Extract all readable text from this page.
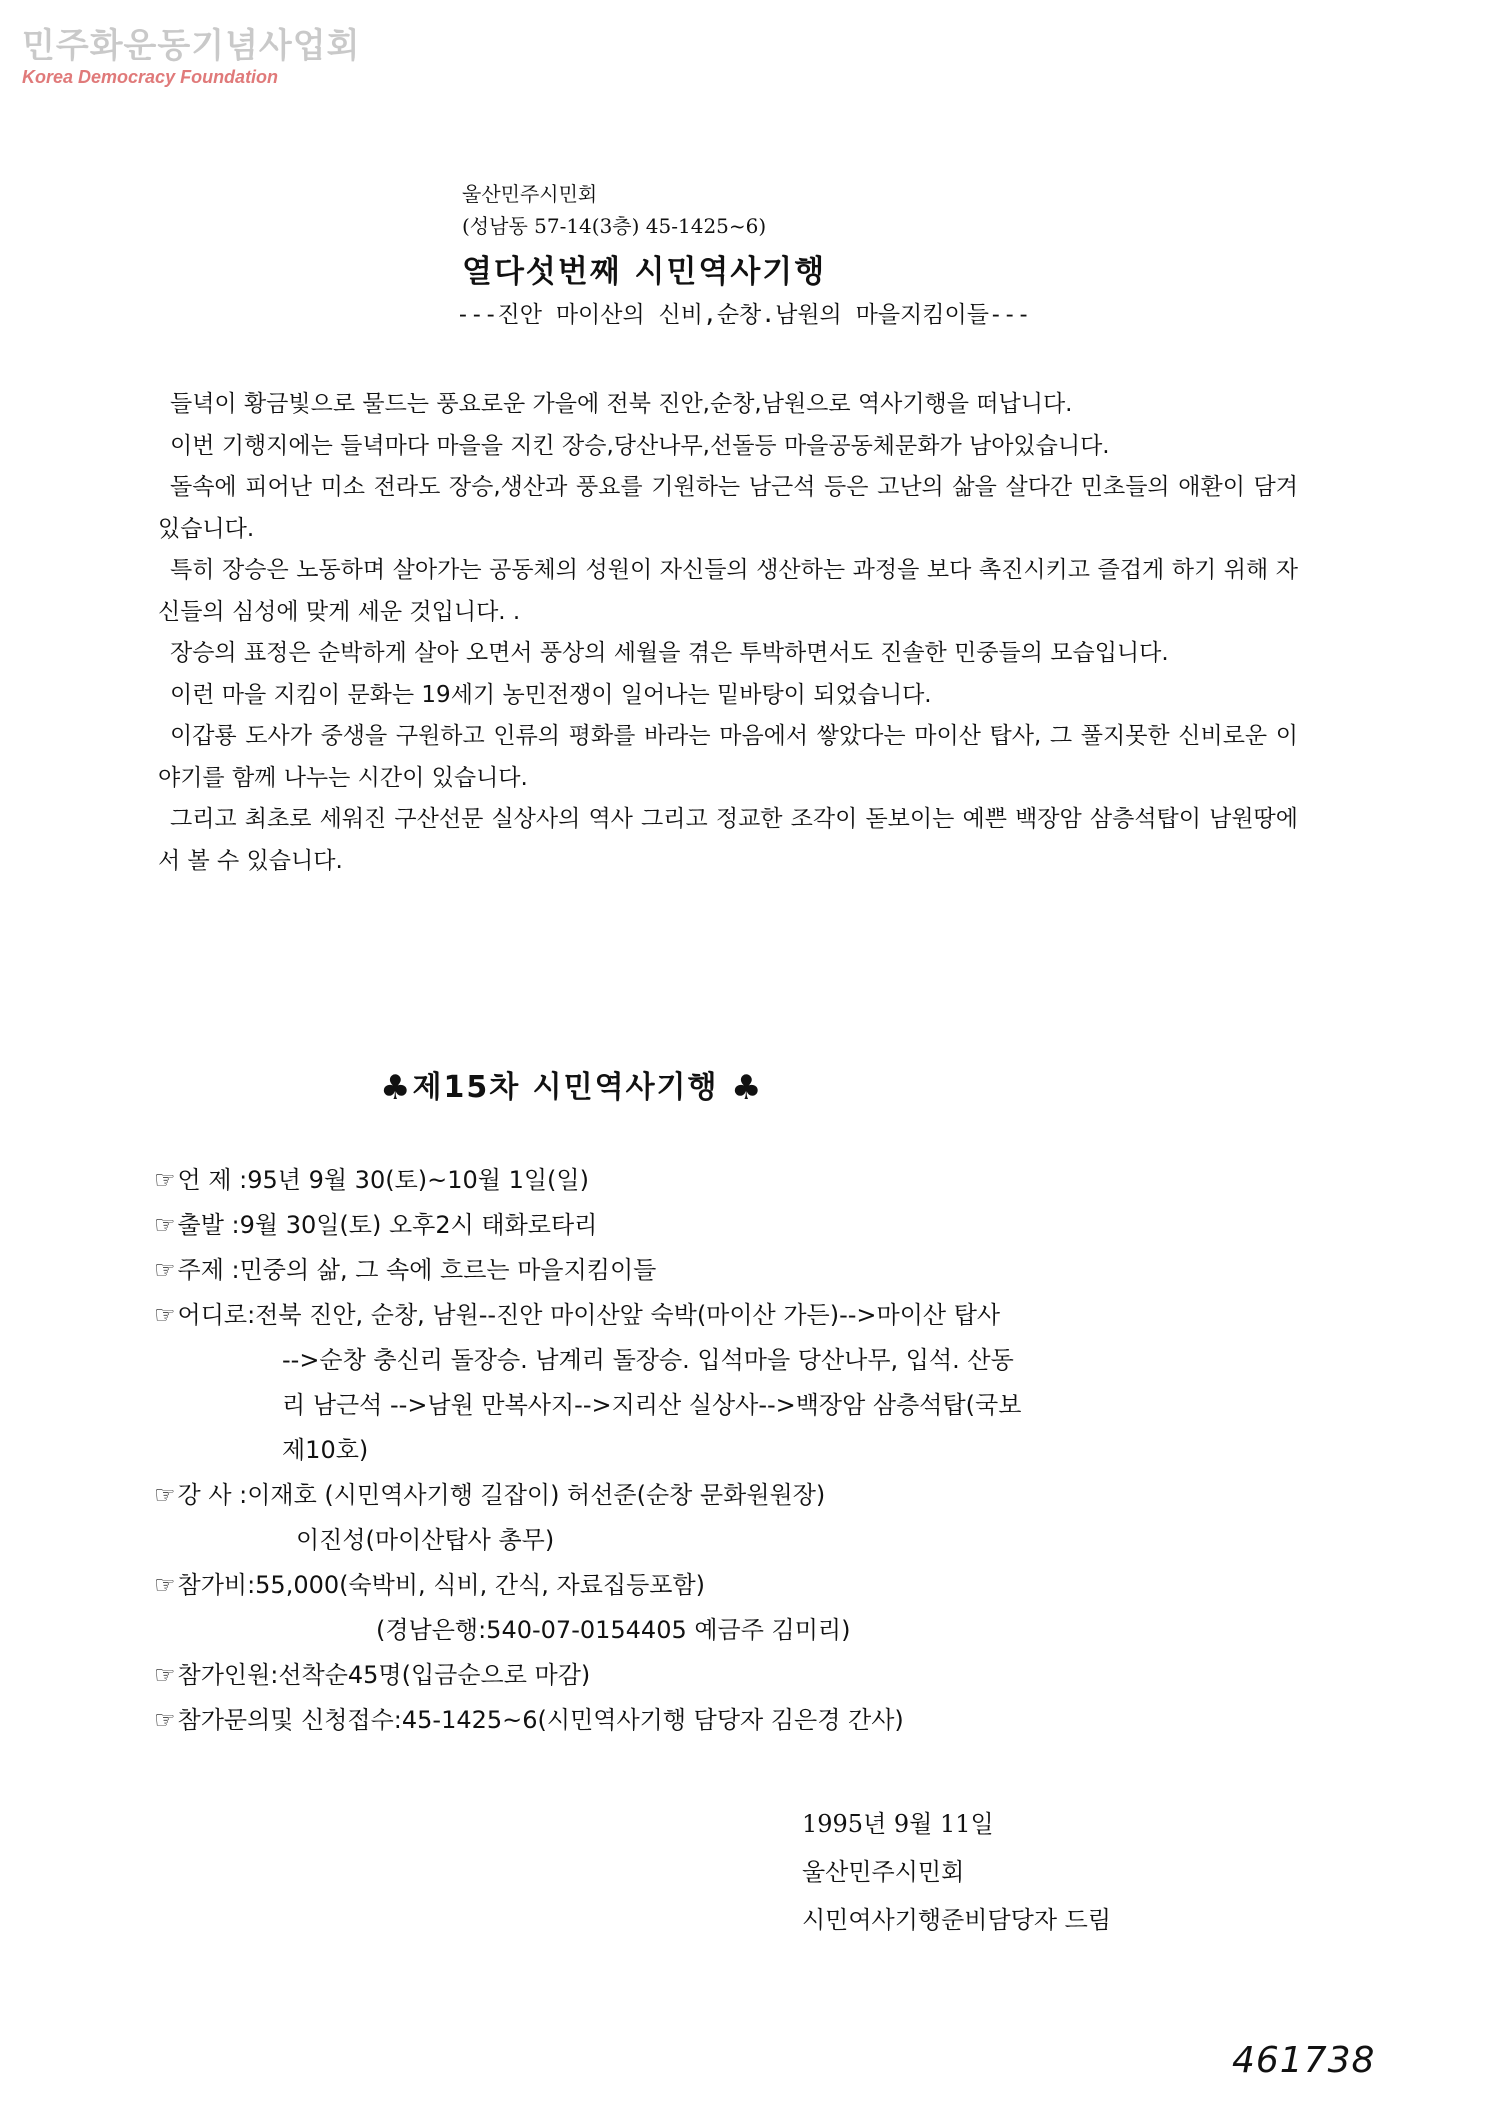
민주화운동기념사업회
Korea Democracy Foundation
울산민주시민회
(성남동 57-14(3층) 45-1425~6)
열다섯번째 시민역사기행
---진안 마이산의 신비,순창.남원의 마을지킴이들---

들녁이 황금빛으로 물드는 풍요로운 가을에 전북 진안,순창,남원으로 역사기행을 떠납니다.

이번 기행지에는 들녁마다 마을을 지킨 장승,당산나무,선돌등 마을공동체문화가 남아있습니다.

돌속에 피어난 미소 전라도 장승,생산과 풍요를 기원하는 남근석 등은 고난의 삶을 살다간 민초들의 애환이 담겨 있습니다.

특히 장승은 노동하며 살아가는 공동체의 성원이 자신들의 생산하는 과정을 보다 촉진시키고 즐겁게 하기 위해 자신들의 심성에 맞게 세운 것입니다. .

장승의 표정은 순박하게 살아 오면서 풍상의 세월을 겪은 투박하면서도 진솔한 민중들의 모습입니다.

이런 마을 지킴이 문화는 19세기 농민전쟁이 일어나는 밑바탕이 되었습니다.

이갑룡 도사가 중생을 구원하고 인류의 평화를 바라는 마음에서 쌓았다는 마이산 탑사, 그 풀지못한 신비로운 이야기를 함께 나누는 시간이 있습니다.

그리고 최초로 세워진 구산선문 실상사의 역사 그리고 정교한 조각이 돋보이는 예쁜 백장암 삼층석탑이 남원땅에서 볼 수 있습니다.

♣제15차 시민역사기행 ♣
☞ 언 제 : 95년 9월 30(토)~10월 1일(일)
☞ 출발 : 9월 30일(토) 오후2시 태화로타리
☞ 주제 : 민중의 삶, 그 속에 흐르는 마을지킴이들
☞ 어디로: 전북 진안, 순창, 남원--진안 마이산앞 숙박(마이산 가든)-->마이산 탑사
-->순창 충신리 돌장승. 남계리 돌장승. 입석마을 당산나무, 입석. 산동
리 남근석 -->남원 만복사지-->지리산 실상사-->백장암 삼층석탑(국보
제10호)
☞ 강 사 : 이재호 (시민역사기행 길잡이) 허선준(순창 문화원원장)
이진성(마이산탑사 총무)
☞ 참가비: 55,000(숙박비, 식비, 간식, 자료집등포함)
(경남은행:540-07-0154405 예금주 김미리)
☞ 참가인원: 선착순45명(입금순으로 마감)
☞ 참가문의및 신청접수: 45-1425~6(시민역사기행 담당자 김은경 간사)
1995년 9월 11일
울산민주시민회
시민여사기행준비담당자 드림
461738
